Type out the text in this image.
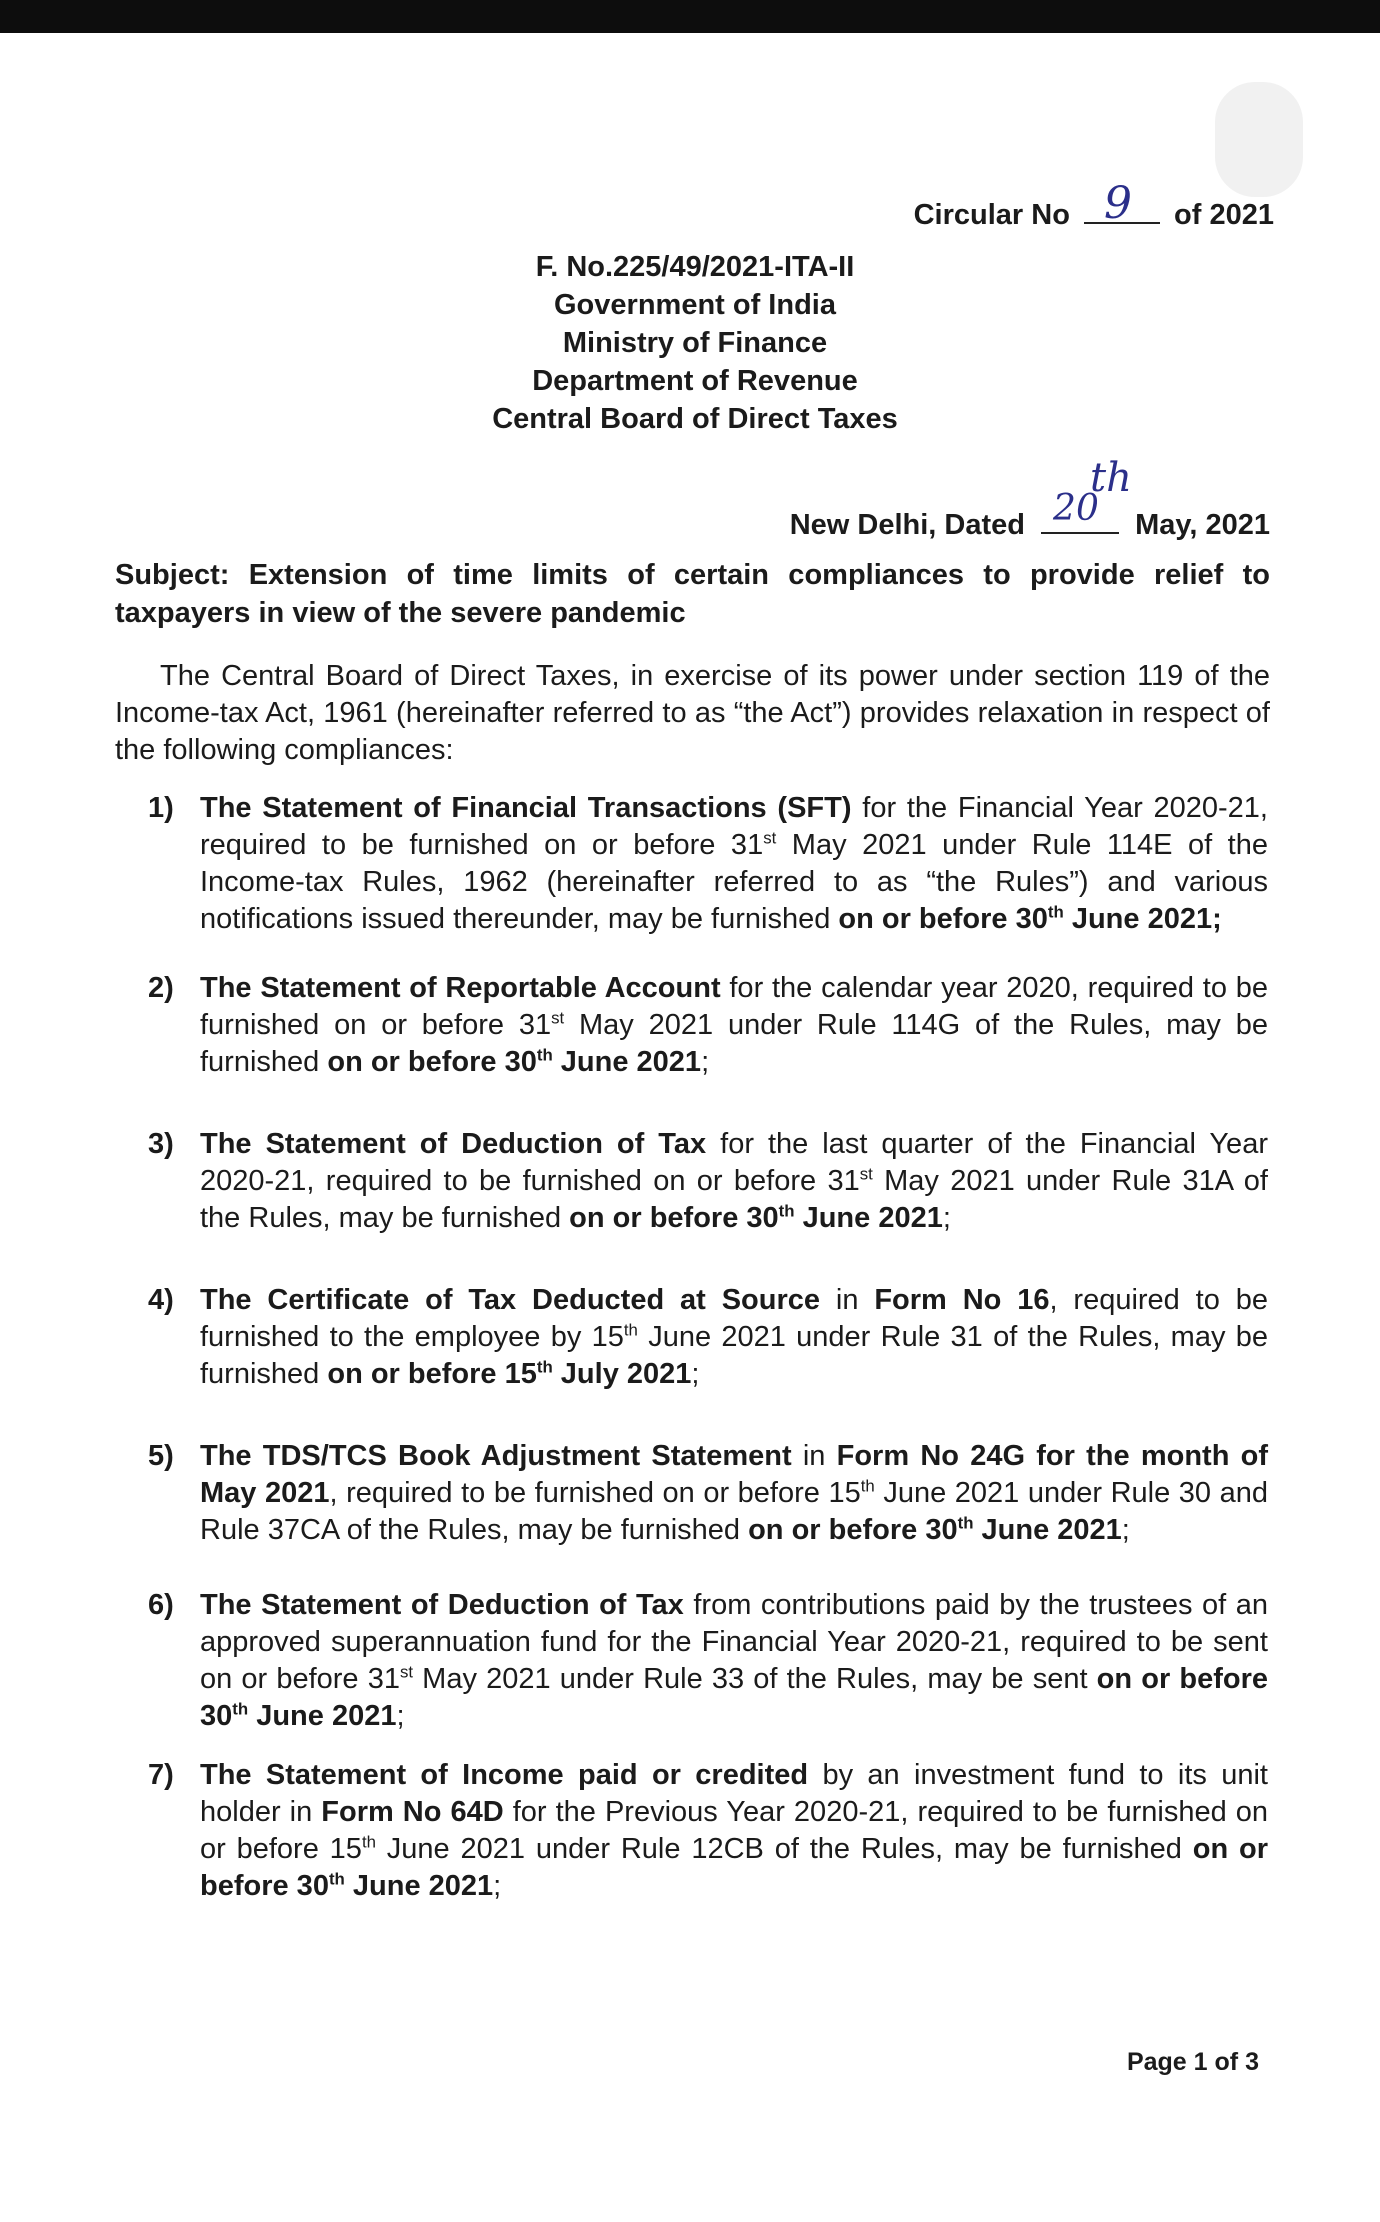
Circular No 9 of 2021
F. No.225/49/2021-ITA-II
Government of India
Ministry of Finance
Department of Revenue
Central Board of Direct Taxes
th
New Delhi, Dated 20 May, 2021
Subject: Extension of time limits of certain compliances to provide relief to taxpayers in view of the severe pandemic
The Central Board of Direct Taxes, in exercise of its power under section 119 of the Income-tax Act, 1961 (hereinafter referred to as “the Act”) provides relaxation in respect of the following compliances:
1) The Statement of Financial Transactions (SFT) for the Financial Year 2020-21, required to be furnished on or before 31st May 2021 under Rule 114E of the Income-tax Rules, 1962 (hereinafter referred to as “the Rules”) and various notifications issued thereunder, may be furnished on or before 30th June 2021;
2) The Statement of Reportable Account for the calendar year 2020, required to be furnished on or before 31st May 2021 under Rule 114G of the Rules, may be furnished on or before 30th June 2021;
3) The Statement of Deduction of Tax for the last quarter of the Financial Year 2020-21, required to be furnished on or before 31st May 2021 under Rule 31A of the Rules, may be furnished on or before 30th June 2021;
4) The Certificate of Tax Deducted at Source in Form No 16, required to be furnished to the employee by 15th June 2021 under Rule 31 of the Rules, may be furnished on or before 15th July 2021;
5) The TDS/TCS Book Adjustment Statement in Form No 24G for the month of May 2021, required to be furnished on or before 15th June 2021 under Rule 30 and Rule 37CA of the Rules, may be furnished on or before 30th June 2021;
6) The Statement of Deduction of Tax from contributions paid by the trustees of an approved superannuation fund for the Financial Year 2020-21, required to be sent on or before 31st May 2021 under Rule 33 of the Rules, may be sent on or before 30th June 2021;
7) The Statement of Income paid or credited by an investment fund to its unit holder in Form No 64D for the Previous Year 2020-21, required to be furnished on or before 15th June 2021 under Rule 12CB of the Rules, may be furnished on or before 30th June 2021;
Page 1 of 3
